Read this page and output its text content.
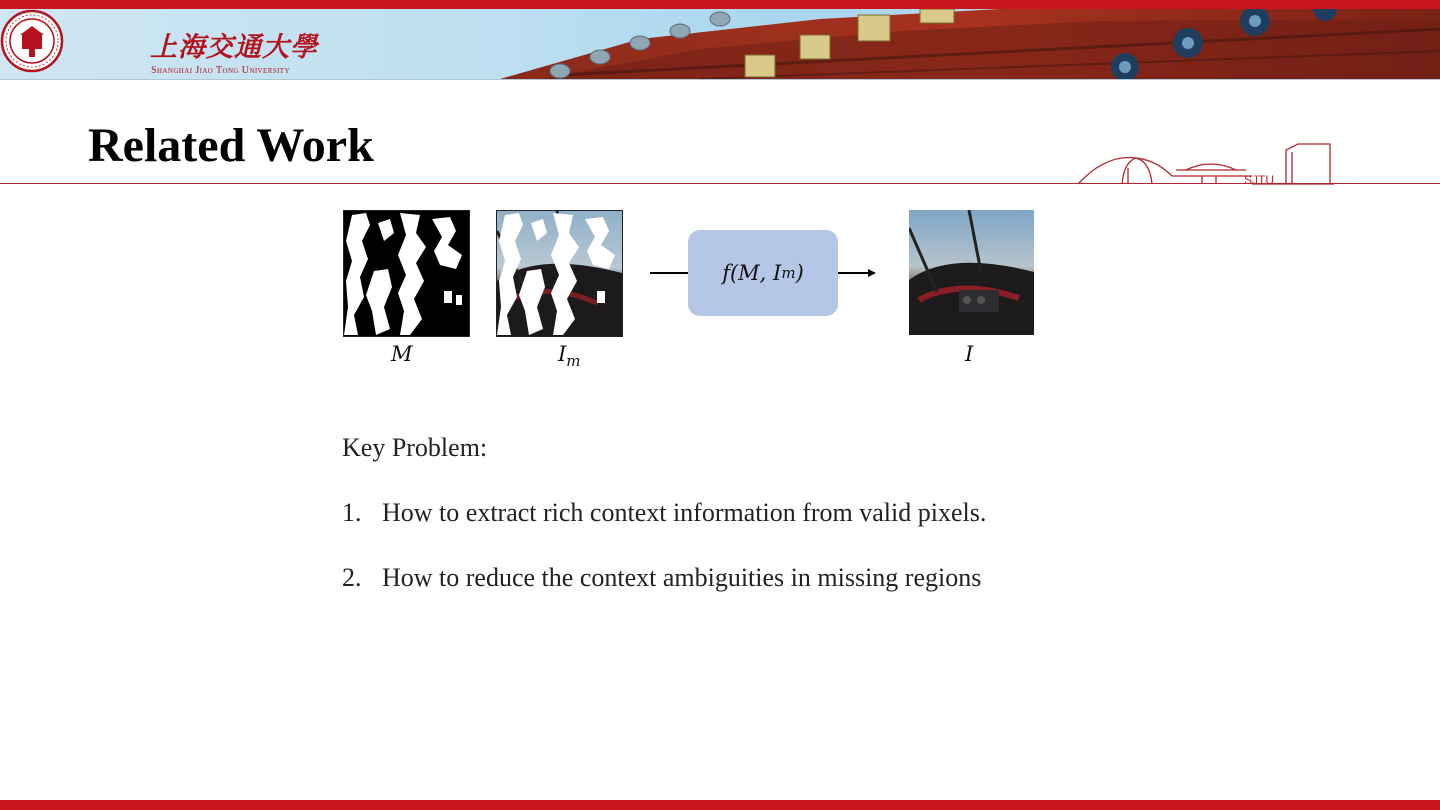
上海交通大學
Shanghai Jiao Tong University
Related Work
SJTU
M	$I_m$
f(M, I m )
I
Key Problem:
1. How to extract rich context information from valid pixels.
2. How to reduce the context ambiguities in missing regions
